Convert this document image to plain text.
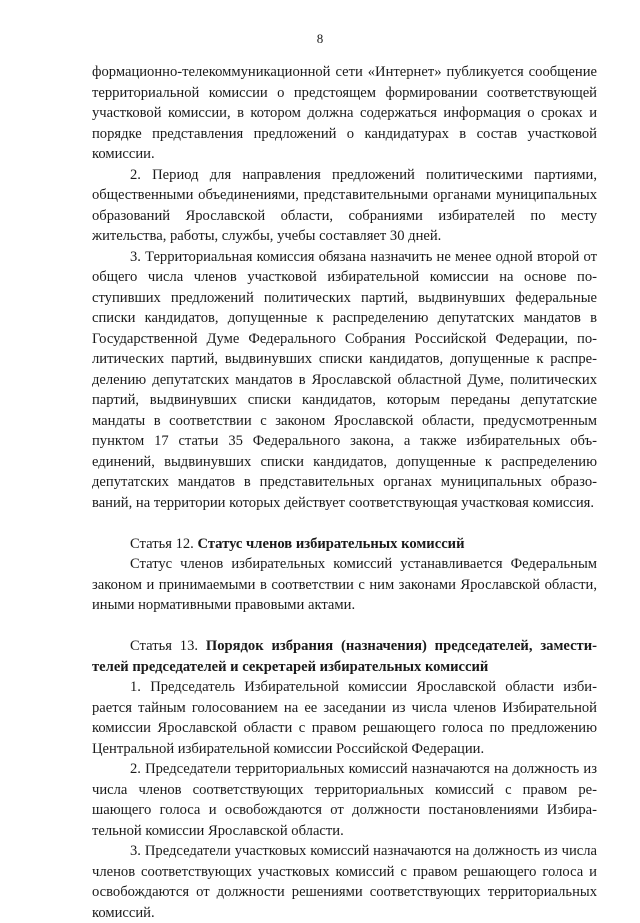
8

формационно-телекоммуникационной сети «Интернет» публикуется сообщение территориальной комиссии о предстоящем формировании соответствующей участковой комиссии, в котором должна содержаться информация о сроках и порядке представления предложений о кандидатурах в состав участковой комиссии.

2. Период для направления предложений политическими партиями, общественными объединениями, представительными органами муниципальных образований Ярославской области, собраниями избирателей по месту жительства, работы, службы, учебы составляет 30 дней.

3. Территориальная комиссия обязана назначить не менее одной второй от общего числа членов участковой избирательной комиссии на основе поступивших предложений политических партий, выдвинувших федеральные списки кандидатов, допущенные к распределению депутатских мандатов в Государственной Думе Федерального Собрания Российской Федерации, политических партий, выдвинувших списки кандидатов, допущенные к распределению депутатских мандатов в Ярославской областной Думе, политических партий, выдвинувших списки кандидатов, которым переданы депутатские мандаты в соответствии с законом Ярославской области, предусмотренным пунктом 17 статьи 35 Федерального закона, а также избирательных объединений, выдвинувших списки кандидатов, допущенные к распределению депутатских мандатов в представительных органах муниципальных образований, на территории которых действует соответствующая участковая комиссия.

Статья 12. Статус членов избирательных комиссий

Статус членов избирательных комиссий устанавливается Федеральным законом и принимаемыми в соответствии с ним законами Ярославской области, иными нормативными правовыми актами.

Статья 13. Порядок избрания (назначения) председателей, заместителей председателей и секретарей избирательных комиссий

1. Председатель Избирательной комиссии Ярославской области избирается тайным голосованием на ее заседании из числа членов Избирательной комиссии Ярославской области с правом решающего голоса по предложению Центральной избирательной комиссии Российской Федерации.

2. Председатели территориальных комиссий назначаются на должность из числа членов соответствующих территориальных комиссий с правом решающего голоса и освобождаются от должности постановлениями Избирательной комиссии Ярославской области.

3. Председатели участковых комиссий назначаются на должность из числа членов соответствующих участковых комиссий с правом решающего голоса и освобождаются от должности решениями соответствующих территориальных комиссий.
